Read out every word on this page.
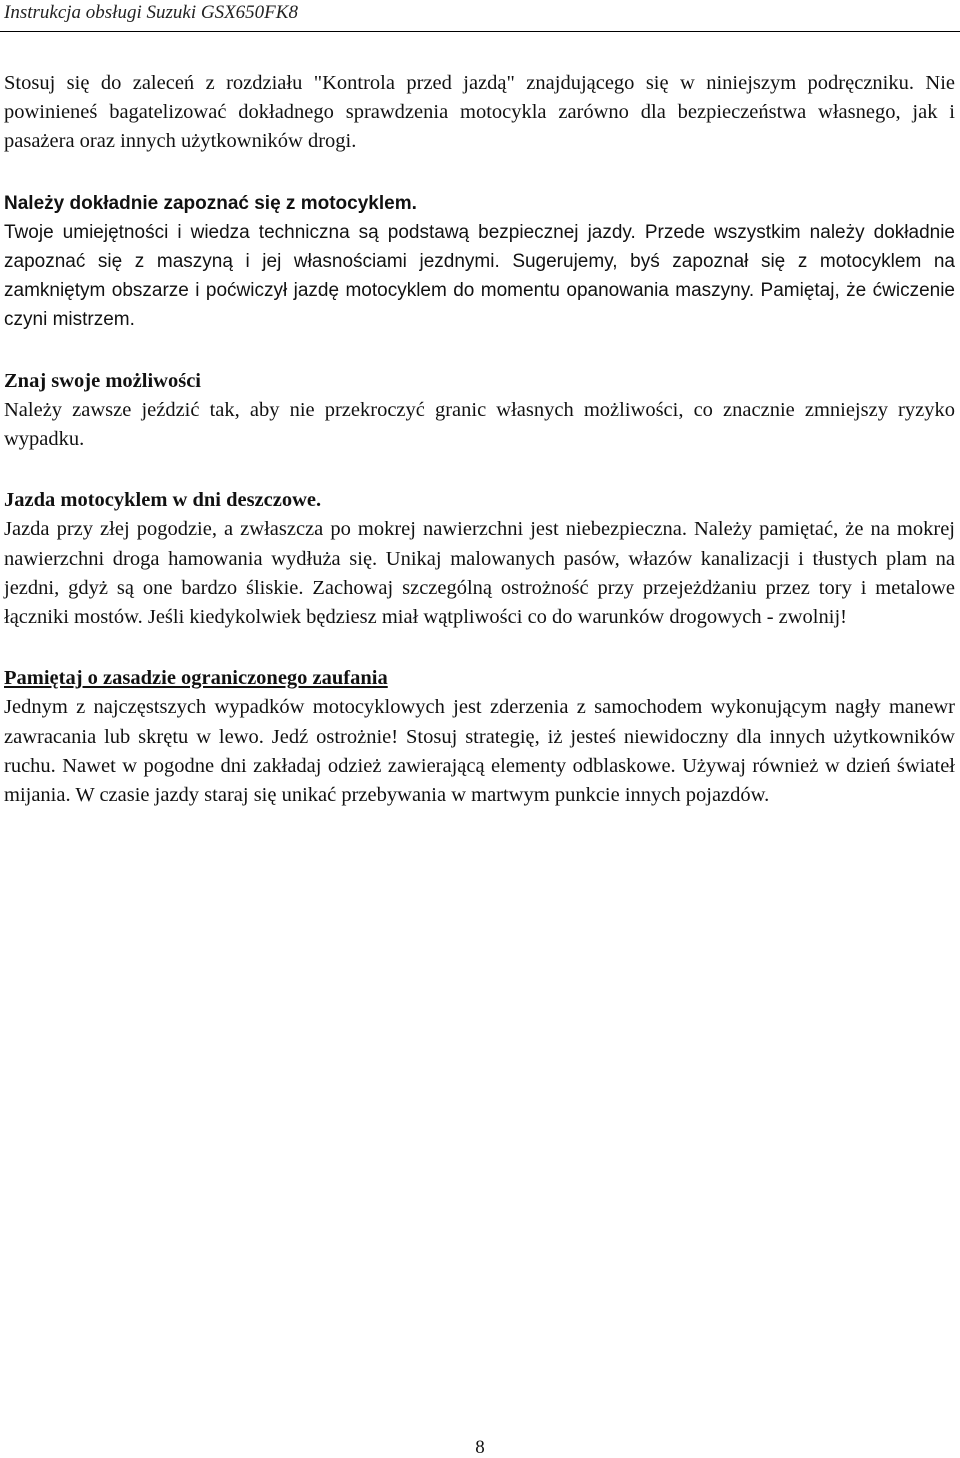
Instrukcja obsługi Suzuki GSX650FK8

Stosuj się do zaleceń z rozdziału "Kontrola przed jazdą" znajdującego się w niniejszym podręczniku. Nie powinieneś bagatelizować dokładnego sprawdzenia motocykla zarówno dla bezpieczeństwa własnego, jak i pasażera oraz innych użytkowników drogi.

Należy dokładnie zapoznać się z motocyklem.

Twoje umiejętności i wiedza techniczna są podstawą bezpiecznej jazdy. Przede wszystkim należy dokładnie zapoznać się z maszyną i jej własnościami jezdnymi. Sugerujemy, byś zapoznał się z motocyklem na zamkniętym obszarze i poćwiczył jazdę motocyklem do momentu opanowania maszyny. Pamiętaj, że ćwiczenie czyni mistrzem.

Znaj swoje możliwości

Należy zawsze jeździć tak, aby nie przekroczyć granic własnych możliwości, co znacznie zmniejszy ryzyko wypadku.

Jazda motocyklem w dni deszczowe.

Jazda przy złej pogodzie, a zwłaszcza po mokrej nawierzchni jest niebezpieczna. Należy pamiętać, że na mokrej nawierzchni droga hamowania wydłuża się. Unikaj malowanych pasów, włazów kanalizacji i tłustych plam na jezdni, gdyż są one bardzo śliskie. Zachowaj szczególną ostrożność przy przejeżdżaniu przez tory i metalowe łączniki mostów. Jeśli kiedykolwiek będziesz miał wątpliwości co do warunków drogowych - zwolnij!

Pamiętaj o zasadzie ograniczonego zaufania

Jednym z najczęstszych wypadków motocyklowych jest zderzenia z samochodem wykonującym nagły manewr zawracania lub skrętu w lewo. Jedź ostrożnie! Stosuj strategię, iż jesteś niewidoczny dla innych użytkowników ruchu. Nawet w pogodne dni zakładaj odzież zawierającą elementy odblaskowe. Używaj również w dzień świateł mijania. W czasie jazdy staraj się unikać przebywania w martwym punkcie innych pojazdów.

8
